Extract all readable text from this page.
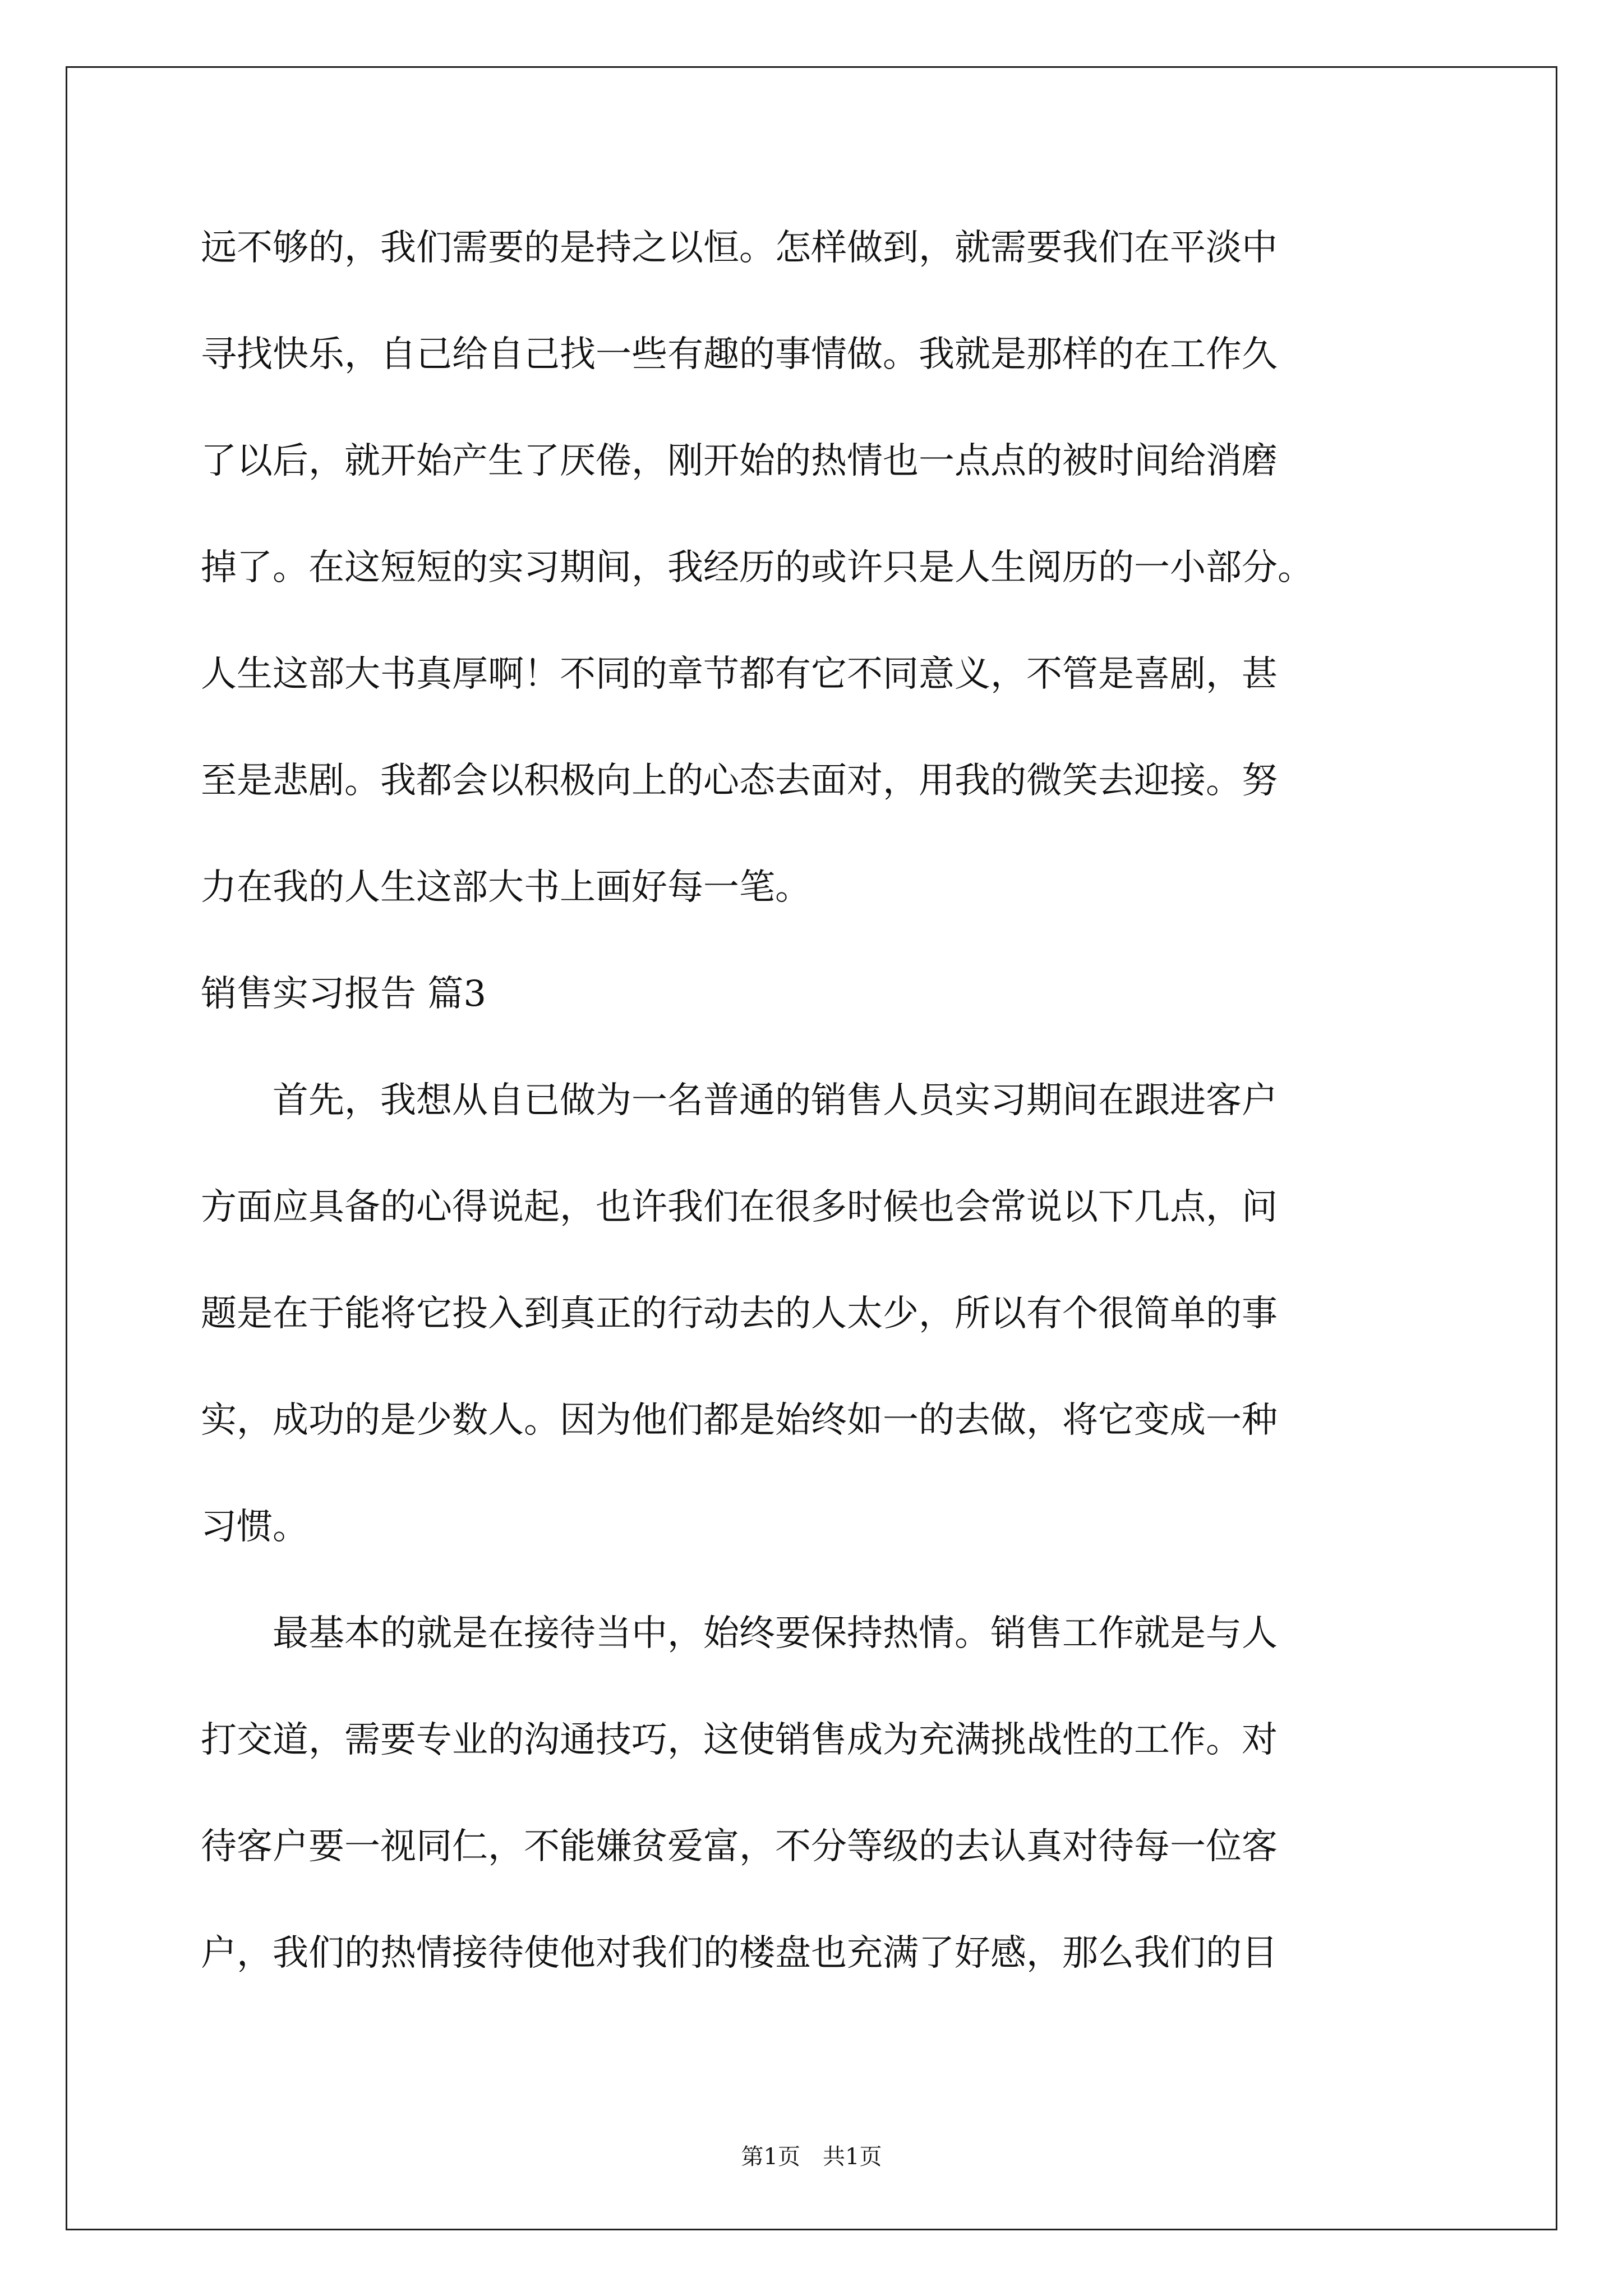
远不够的，我们需要的是持之以恒。怎样做到，就需要我们在平淡中
寻找快乐，自己给自己找一些有趣的事情做。我就是那样的在工作久
了以后，就开始产生了厌倦，刚开始的热情也一点点的被时间给消磨
掉了。在这短短的实习期间，我经历的或许只是人生阅历的一小部分。
人生这部大书真厚啊！不同的章节都有它不同意义，不管是喜剧，甚
至是悲剧。我都会以积极向上的心态去面对，用我的微笑去迎接。努
力在我的人生这部大书上画好每一笔。
销售实习报告 篇3
　　首先，我想从自已做为一名普通的销售人员实习期间在跟进客户
方面应具备的心得说起，也许我们在很多时候也会常说以下几点，问
题是在于能将它投入到真正的行动去的人太少，所以有个很简单的事
实，成功的是少数人。因为他们都是始终如一的去做，将它变成一种
习惯。
　　最基本的就是在接待当中，始终要保持热情。销售工作就是与人
打交道，需要专业的沟通技巧，这使销售成为充满挑战性的工作。对
待客户要一视同仁，不能嫌贫爱富，不分等级的去认真对待每一位客
户，我们的热情接待使他对我们的楼盘也充满了好感，那么我们的目
第1页　共1页
